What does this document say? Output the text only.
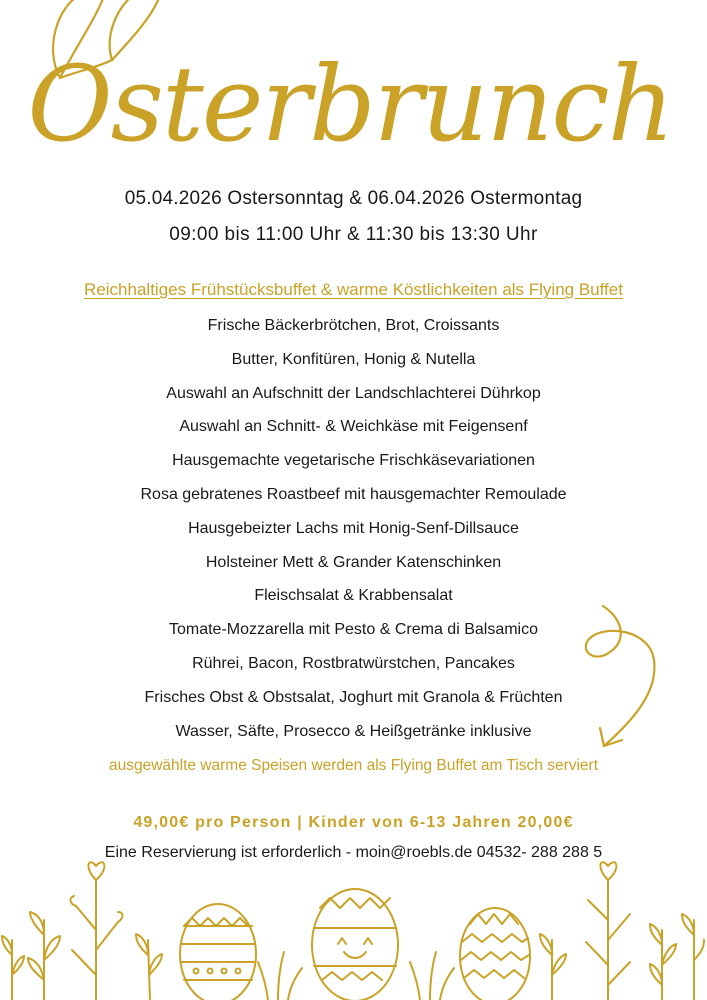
Osterbrunch
05.04.2026 Ostersonntag & 06.04.2026 Ostermontag
09:00 bis 11:00 Uhr & 11:30 bis 13:30 Uhr
Reichhaltiges Frühstücksbuffet & warme Köstlichkeiten als Flying Buffet
Frische Bäckerbrötchen, Brot, Croissants
Butter, Konfitüren, Honig & Nutella
Auswahl an Aufschnitt der Landschlachterei Dührkop
Auswahl an Schnitt- & Weichkäse mit Feigensenf
Hausgemachte vegetarische Frischkäsevariationen
Rosa gebratenes Roastbeef mit hausgemachter Remoulade
Hausgebeizter Lachs mit Honig-Senf-Dillsauce
Holsteiner Mett & Grander Katenschinken
Fleischsalat & Krabbensalat
Tomate-Mozzarella mit Pesto & Crema di Balsamico
Rührei, Bacon, Rostbratwürstchen, Pancakes
Frisches Obst & Obstsalat, Joghurt mit Granola & Früchten
Wasser, Säfte, Prosecco & Heißgetränke inklusive
ausgewählte warme Speisen werden als Flying Buffet am Tisch serviert
49,00€ pro Person | Kinder von 6-13 Jahren 20,00€
Eine Reservierung ist erforderlich - moin@roebls.de 04532- 288 288 5
